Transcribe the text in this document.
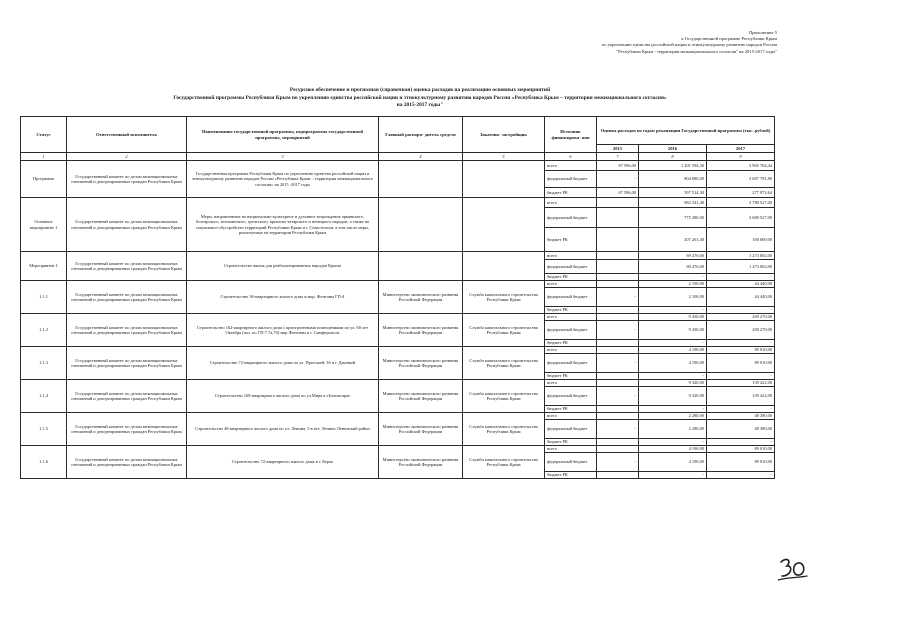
Приложение 5
к Государственной программе Республики Крым
по укреплению единства российской нации и этнокультурному развитию народов России
"Республика Крым - территория межнационального согласия" на 2015-2017 годы"
Ресурсное обеспечение и прогнозная (справочная) оценка расходов на реализацию основных мероприятий
Государственной программы Республики Крым по укреплению единства российской нации и этнокультурному развитию народов России «Республика Крым – территория межнационального согласия»
на 2015-2017 годы"
Статус	Ответственный исполнитель	Наименование государственной программы, подпрограммы государственной программы, мероприятий	Главный распоря- дитель средств	Заказчик- застройщик	Источник финансирова- ния	Оценка расходов по годам реализации Государственной программы (тыс. рублей)		
						2015	2016	2017
1	2	3	4	5	6	7	8	9
Программа	Государственный комитет по делам межнациональных отношений и депортированных граждан Республики Крым	Государственная программа Республики Крым по укреплению единства российской нации и этнокультурному развитию народов России «Республика Крым – территория межнационального согласия» на 2015 -2017 годы			всего	67 596,00	1 201 594,30	3 965 764,44
					федеральный бюджет	-	804 080,00	3 687 791,80
					бюджет РК	67 596,00	397 514,30	277 972,64
Основное мероприятие 1	Государственный комитет по делам межнациональных отношений и депортированных граждан Республики Крым	Меры, направленные на национально-культурное и духовное возрождение армянского, болгарского, итальянского, греческого, крымско-татарского и немецкого народов, а также на социальное обустройство территорий Республики Крым и г. Севастополя, в том числе меры, реализуемые на территории Республики Крым			всего		982 541,40	3 780 527,00
					федеральный бюджет		775 280,00	3 680 527,00
					бюджет РК		207 261,40	100 000,00
Мероприятие 1	Государственный комитет по делам межнациональных отношений и депортированных граждан Республики Крым	Строительство жилья для реабилитированных народов Крыма			всего		69 476,00	1 273 002,00
					федеральный бюджет		69 476,00	1 273 002,00
					бюджет РК		-	-
1.1.1	Государственный комитет по делам межнациональных отношений и депортированных граждан Республики Крым	Строительство 36-квартирного жилого дома в мкр. Фонтаны ГП-4	Министерство экономического развития Российской Федерации	Служба капитального строительства Республики Крым	всего		2 100,00	44 440,00
					федеральный бюджет	-	2 100,00	44 440,00
					бюджет РК		-	-
1.1.2	Государственный комитет по делам межнациональных отношений и депортированных граждан Республики Крым	Строительство 162-квартирного жилого дома с пристроенными помещениями по ул. 60 лет Октября (поз. по ГП-7,7а,7б) мкр Фонтаны в г. Симферополь	Министерство экономического развития Российской Федерации	Служба капитального строительства Республики Крым	всего		9 430,00	200 270,00
					федеральный бюджет	-	9 430,00	200 270,00
					бюджет РК		-	-
1.1.3	Государственный комитет по делам межнациональных отношений и депортированных граждан Республики Крым	Строительство 72-квартирного жилого дома по ул. Проезжей, 3б в г. Джанкой	Министерство экономического развития Российской Федерации	Служба капитального строительства Республики Крым	всего		4 190,00	89 010,00
					федеральный бюджет	-	4 190,00	89 010,00
					бюджет РК		-	-
1.1.4	Государственный комитет по делам межнациональных отношений и депортированных граждан Республики Крым	Строительство 168-квартирного жилого дома по ул.Мира в г.Бахчисарае	Министерство экономического развития Российской Федерации	Служба капитального строительства Республики Крым	всего		9 320,00	139 422,00
					федеральный бюджет	-	9 320,00	139 422,00
					бюджет РК		-	-
1.1.5	Государственный комитет по делам межнациональных отношений и депортированных граждан Республики Крым	Строительство 48-квартирного жилого дома по ул. Ленина, 5 в пгт. Ленино Ленинский район	Министерство экономического развития Российской Федерации	Служба капитального строительства Республики Крым	всего		2 280,00	48 380,00
					федеральный бюджет	-	2 280,00	48 380,00
					бюджет РК		-	-
1.1.6	Государственный комитет по делам межнациональных отношений и депортированных граждан Республики Крым	Строительство 72-квартирного жилого дома в г. Керчь	Министерство экономического развития Российской Федерации	Служба капитального строительства Республики Крым	всего		4 190,00	89 010,00
					федеральный бюджет	-	4 190,00	89 010,00
					бюджет РК		-	-
